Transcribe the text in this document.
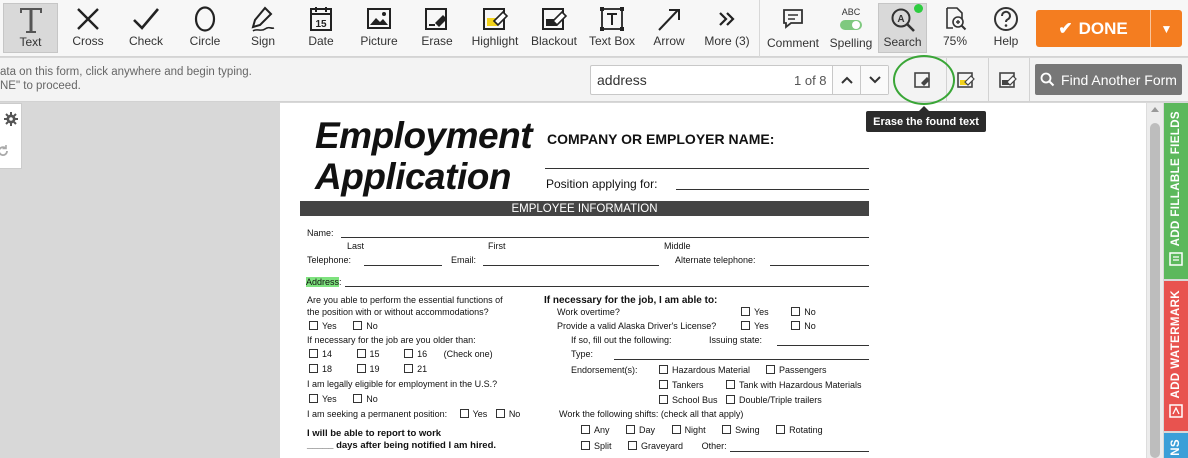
Text	Cross Check Circle	Sign
15
Date Picture Erase Highlight Blackout Text Box Arrow More (3) Comment
ABC
Spelling
A
Search 75% Help
✔ DONE	▼
ata on this form, click anywhere and begin typing.
NE" to proceed.
address	1 of 8	Find Another Form
Employment
Application
COMPANY OR EMPLOYER NAME:
Position applying for:
EMPLOYEE INFORMATION
Name:
Last	First	Middle
Telephone:	Email:	Alternate telephone:
Address:
Are you able to perform the essential functions of
the position with or without accommodations?
Yes	No
If necessary for the job are you older than:
14	15	16 (Check one)
18	19	21
I am legally eligible for employment in the U.S.?
Yes	No
I am seeking a permanent position:	Yes No
I will be able to report to work
_____ days after being notified I am hired.
If necessary for the job, I am able to:
Work overtime?	Yes	No
Provide a valid Alaska Driver's License?	Yes	No
If so, fill out the following:	Issuing state:
Type:
Endorsement(s):	Hazardous Material	Passengers
Tankers	Tank with Hazardous Materials
School Bus	Double/Triple trailers
Work the following shifts: (check all that apply)
Any	Day	Night	Swing	Rotating
Split	Graveyard Other:
ADD FILLABLE FIELDS
ADD WATERMARK
NS
Erase the found text
